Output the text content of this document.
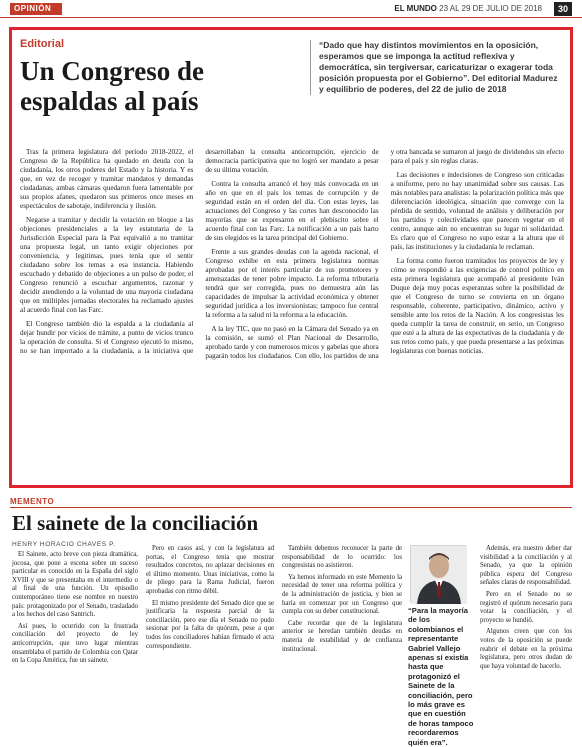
OPINIÓN	EL MUNDO 23 AL 29 DE JULIO DE 2018	30
Editorial
Un Congreso de espaldas al país
“Dado que hay distintos movimientos en la oposición, esperamos que se imponga la actitud reflexiva y democrática, sin tergiversar, caricaturizar o exagerar toda posición propuesta por el Gobierno”. Del editorial Madurez y equilibrio de poderes, del 22 de julio de 2018

Tras la primera legislatura del período 2018-2022, el Congreso de la República ha quedado en deuda con la ciudadanía, los otros poderes del Estado y la historia. Y es que, en vez de recoger y tramitar mandatos y demandas ciudadanas, ambas cámaras quedaron fuera lamentable por sus propios afanes, quedaron sus primeros once meses en espectáculos de sabotaje, indiferencia y ilusión.

Negarse a tramitar y decidir la votación en bloque a las objeciones presidenciales a la ley estatutaria de la Jurisdicción Especial para la Paz equivalió a no tramitar una propuesta legal, un tanto exigir objeciones por conveniencia, y legitimas, pues tenía que el sentir ciudadano sobre los temas a esa instancia. Habiendo escuchado y debatido de objeciones a un pulso de poder, el Congreso renunció a escuchar argumentos, razonar y decidir atendiendo a la voluntad de una mayoría ciudadana que en múltiples jornadas electorales ha reclamado ajustes al acuerdo final con las Farc.

El Congreso también dio la espalda a la ciudadanía al dejar hundir por vicios de trámite, a punto de vicios trunco la operación de consulta. Si el Congreso ejecutó lo mismo, no se han importado a la ciudadanía, a la iniciativa que desarrollaban la consulta anticorrupción, ejercicio de democracia participativa que no logró ser mandato a pesar de su última votación.

Contra la consulta arrancó el hoy más convocada en un año en que en el país los temas de corrupción y de seguridad están en el orden del día. Con estas leyes, las actuaciones del Congreso y las cortes han desconocido las mayorías que se expresaron en el plebiscito sobre el acuerdo final con las Farc. La notificación a un país harto de sus elegidos es la tarea principal del Gobierno.

Frente a sus grandes deudas con la agenda nacional, el Congreso exhibe en esta primera legislatura normas aprobadas por el interés particular de sus promotores y amenazadas de tener pobre impacto. La reforma tributaria tendrá que ser corregida, pues no demuestra aún las capacidades de impulsar la actividad económica y obtener seguridad jurídica a los inversionistas; tampoco fue central la reforma a la salud ni la reforma a la educación.

A la ley TIC, que no pasó en la Cámara del Senado ya en la comisión, se sumó el Plan Nacional de Desarrollo, aprobado tarde y con numerosos micos y gabelas que ahora pagarán todos los ciudadanos. Con ello, los partidos de una y otra bancada se sumaron al juego de dividendos sin efecto para el país y sin reglas claras.

Las decisiones e indecisiones de Congreso son criticadas a uniforme, pero no hay unanimidad sobre sus causas. Las más notables para analistas: la polarización política más que diferenciación ideológica, situación que converge con la pérdida de sentido, voluntad de análisis y deliberación por los partidos y colectividades que parecen vegetar en el centro, aunque aún no encuentran su lugar ni solidaridad. Es claro que el Congreso no supo estar a la altura que el país, las instituciones y la ciudadanía le reclaman.

La forma como fueron tramitados los proyectos de ley y cómo se respondió a las exigencias de control político en esta primera legislatura que acompañó al presidente Iván Duque deja muy pocas esperanzas sobre la posibilidad de que el Congreso de turno se convierta en un órgano responsable, coherente, participativo, dinámico, activo y sensible ante los retos de la Nación. A los congresistas les queda cumplir la tarea de construir, en serio, un Congreso que esté a la altura de las expectativas de la ciudadanía y de sus retos como país, y que pueda presentarse a las próximas legislaturas con buenas noticias.

MEMENTO
El sainete de la conciliación
HENRY HORACIO CHAVES P.

El Sainete, acto breve con pieza dramática, jocosa, que pone a escena sobre un suceso particular es conocido en la España del siglo XVIII y que se presentaba en el intermedio o al final de una función. Un episodio contemporáneo tiene ese nombre en nuestro país: protagonizado por el Senado, trasladado a los hechos del caso Santrich.

Así pues, lo ocurrido con la frustrada conciliación del proyecto de ley anticorrupción, que tuvo lugar mientras ensamblaba el partido de Colombia con Qatar en la Copa América, fue un sainete.

Pero en casos así, y con la legislatura ad portas, el Congreso tenía que mostrar resultados concretos, no aplazar decisiones en el último momento. Unas iniciativas, como la de pliego para la Rama Judicial, fueron aprobadas con ritmo débil.

El mismo presidente del Senado dice que se justificaría la respuesta parcial de la conciliación, pero ese día el Senado no pudo sesionar por la falta de quórum, pese a que todos los conciliadores habían firmado el acta correspondiente.

También debemos reconocer la parte de responsabilidad de lo ocurrido: los congresistas no asistieron.

Ya hemos informado en este Memento la necesidad de tener una reforma política y de la administración de justicia, y bien se haría en comenzar por un Congreso que cumpla con su deber constitucional.

Cabe recordar que de la legislatura anterior se heredan también deudas en materia de estabilidad y de confianza institucional.

“Para la mayoría de los colombianos el representante Gabriel Vallejo apenas sí existía hasta que protagonizó el Sainete de la conciliación, pero lo más grave es que en cuestión de horas tampoco recordaremos quién era”.

Además, era nuestro deber dar visibilidad a la conciliación y al Senado, ya que la opinión pública espera del Congreso señales claras de responsabilidad.

Pero en el Senado no se registró el quórum necesario para votar la conciliación, y el proyecto se hundió.

Algunos creen que con los votos de la oposición se puede reabrir el debate en la próxima legislatura, pero otros dudan de que haya voluntad de hacerlo.
